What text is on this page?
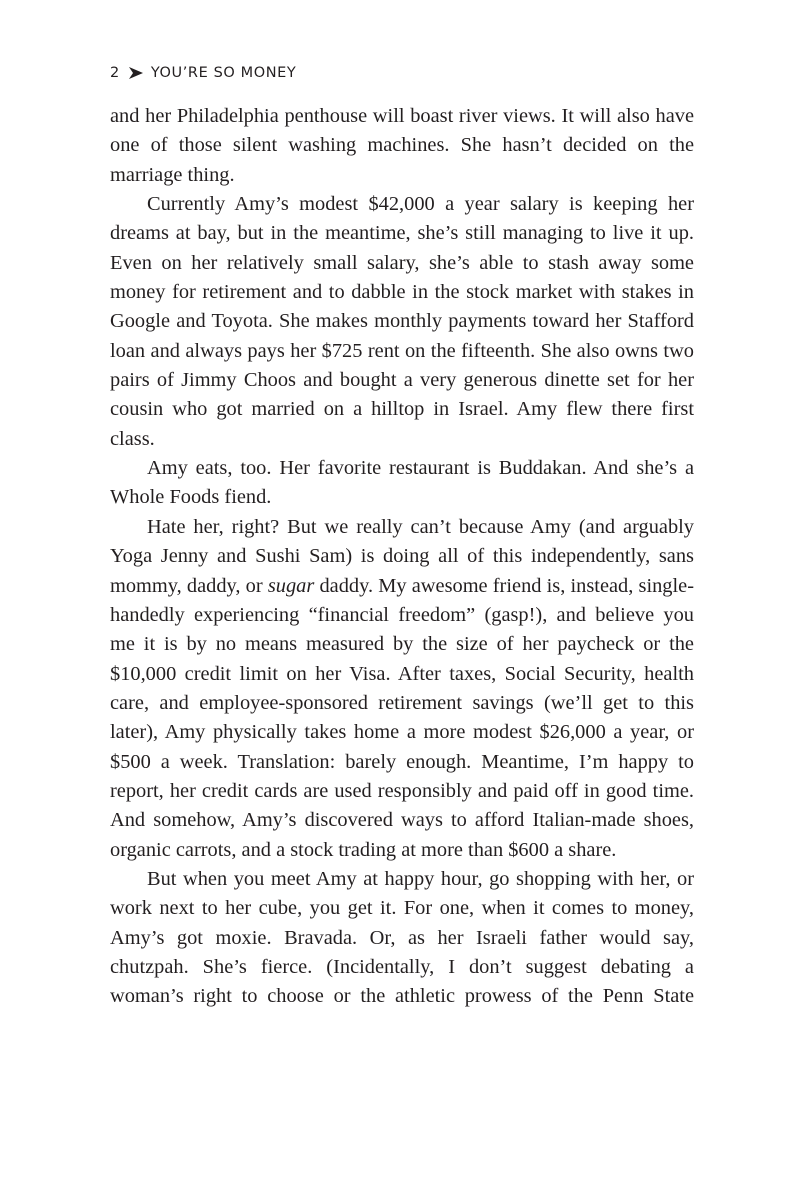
2 YOU’RE SO MONEY

and her Philadelphia penthouse will boast river views. It will also have one of those silent washing machines. She hasn’t decided on the marriage thing.

Currently Amy’s modest $42,000 a year salary is keeping her dreams at bay, but in the meantime, she’s still managing to live it up. Even on her relatively small salary, she’s able to stash away some money for retirement and to dabble in the stock market with stakes in Google and Toyota. She makes monthly payments toward her Stafford loan and always pays her $725 rent on the fifteenth. She also owns two pairs of Jimmy Choos and bought a very generous dinette set for her cousin who got married on a hilltop in Israel. Amy flew there first class.

Amy eats, too. Her favorite restaurant is Buddakan. And she’s a Whole Foods fiend.

Hate her, right? But we really can’t because Amy (and arguably Yoga Jenny and Sushi Sam) is doing all of this independently, sans mommy, daddy, or sugar daddy. My awesome friend is, instead, single-handedly experiencing “financial freedom” (gasp!), and believe you me it is by no means measured by the size of her paycheck or the $10,000 credit limit on her Visa. After taxes, Social Security, health care, and employee-sponsored retirement savings (we’ll get to this later), Amy physically takes home a more modest $26,000 a year, or $500 a week. Translation: barely enough. Meantime, I’m happy to report, her credit cards are used responsibly and paid off in good time. And somehow, Amy’s discovered ways to afford Italian-made shoes, organic carrots, and a stock trading at more than $600 a share.

But when you meet Amy at happy hour, go shopping with her, or work next to her cube, you get it. For one, when it comes to money, Amy’s got moxie. Bravada. Or, as her Israeli father would say, chutzpah. She’s fierce. (Incidentally, I don’t suggest debating a woman’s right to choose or the athletic prowess of the Penn State
